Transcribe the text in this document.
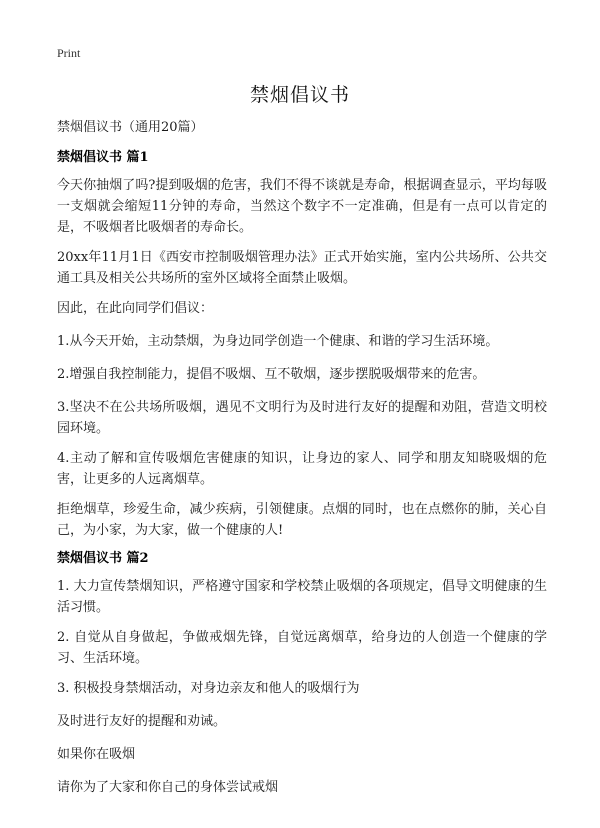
Print
禁烟倡议书
禁烟倡议书（通用20篇）
禁烟倡议书 篇1

今天你抽烟了吗?提到吸烟的危害，我们不得不谈就是寿命，根据调查显示，平均每吸一支烟就会缩短11分钟的寿命，当然这个数字不一定准确，但是有一点可以肯定的是，不吸烟者比吸烟者的寿命长。

20xx年11月1日《西安市控制吸烟管理办法》正式开始实施，室内公共场所、公共交通工具及相关公共场所的室外区域将全面禁止吸烟。

因此，在此向同学们倡议：

1.从今天开始，主动禁烟，为身边同学创造一个健康、和谐的学习生活环境。

2.增强自我控制能力，提倡不吸烟、互不敬烟，逐步摆脱吸烟带来的危害。

3.坚决不在公共场所吸烟，遇见不文明行为及时进行友好的提醒和劝阻，营造文明校园环境。

4.主动了解和宣传吸烟危害健康的知识，让身边的家人、同学和朋友知晓吸烟的危害，让更多的人远离烟草。

拒绝烟草，珍爱生命，减少疾病，引领健康。点烟的同时，也在点燃你的肺，关心自己，为小家，为大家，做一个健康的人!

禁烟倡议书 篇2

1. 大力宣传禁烟知识，严格遵守国家和学校禁止吸烟的各项规定，倡导文明健康的生活习惯。

2. 自觉从自身做起，争做戒烟先锋，自觉远离烟草，给身边的人创造一个健康的学习、生活环境。

3. 积极投身禁烟活动，对身边亲友和他人的吸烟行为

及时进行友好的提醒和劝诫。

如果你在吸烟

请你为了大家和你自己的身体尝试戒烟
